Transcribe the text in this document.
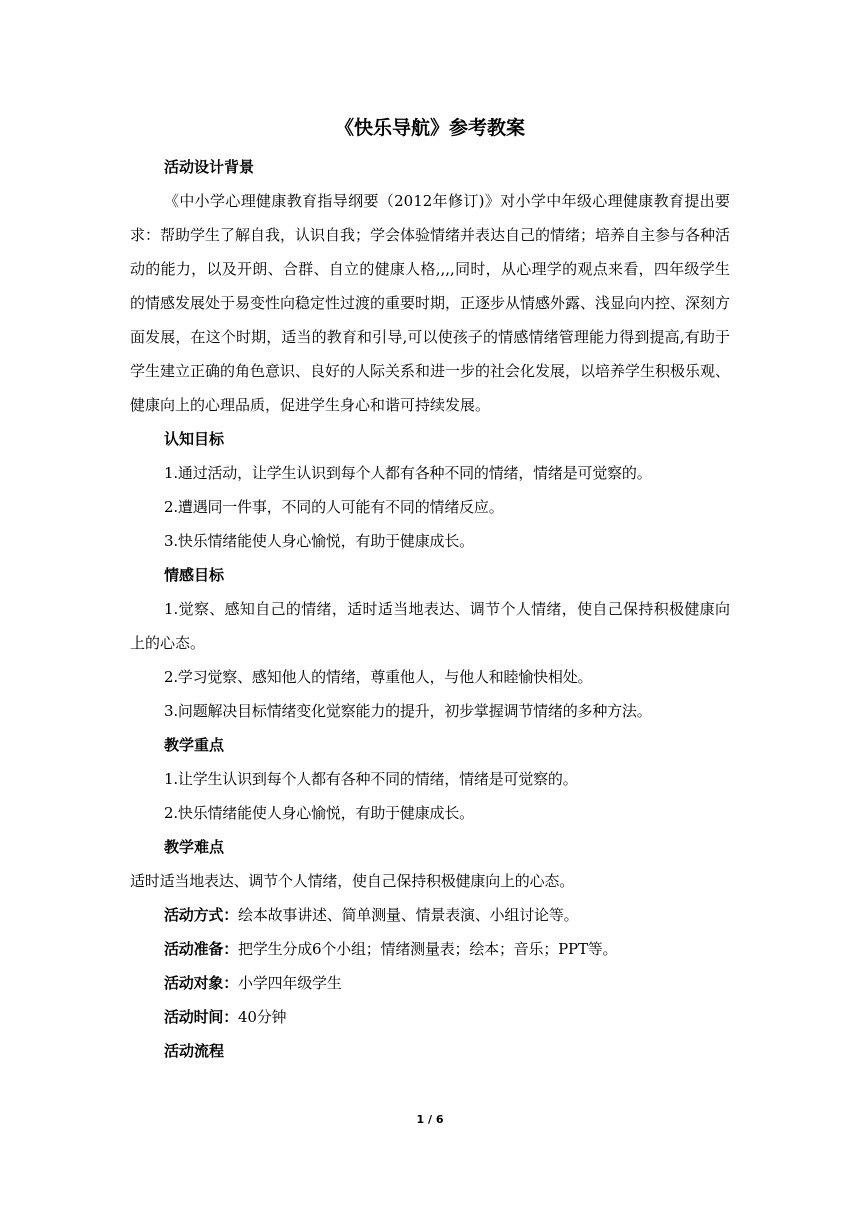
《快乐导航》参考教案
活动设计背景
《中小学心理健康教育指导纲要（2012年修订)》对小学中年级心理健康教育提出要求：帮助学生了解自我，认识自我；学会体验情绪并表达自己的情绪；培养自主参与各种活动的能力，以及开朗、合群、自立的健康人格,,,,同时，从心理学的观点来看，四年级学生的情感发展处于易变性向稳定性过渡的重要时期，正逐步从情感外露、浅显向内控、深刻方面发展，在这个时期，适当的教育和引导,可以使孩子的情感情绪管理能力得到提高,有助于学生建立正确的角色意识、良好的人际关系和进一步的社会化发展，以培养学生积极乐观、健康向上的心理品质，促进学生身心和谐可持续发展。
认知目标
1.通过活动，让学生认识到每个人都有各种不同的情绪，情绪是可觉察的。
2.遭遇同一件事，不同的人可能有不同的情绪反应。
3.快乐情绪能使人身心愉悦，有助于健康成长。
情感目标
1.觉察、感知自己的情绪，适时适当地表达、调节个人情绪，使自己保持积极健康向上的心态。
2.学习觉察、感知他人的情绪，尊重他人，与他人和睦愉快相处。
3.问题解决目标情绪变化觉察能力的提升，初步掌握调节情绪的多种方法。
教学重点
1.让学生认识到每个人都有各种不同的情绪，情绪是可觉察的。
2.快乐情绪能使人身心愉悦，有助于健康成长。
教学难点
适时适当地表达、调节个人情绪，使自己保持积极健康向上的心态。
活动方式：绘本故事讲述、简单测量、情景表演、小组讨论等。
活动准备：把学生分成6个小组；情绪测量表；绘本；音乐；PPT等。
活动对象：小学四年级学生
活动时间：40分钟
活动流程
1 / 6
